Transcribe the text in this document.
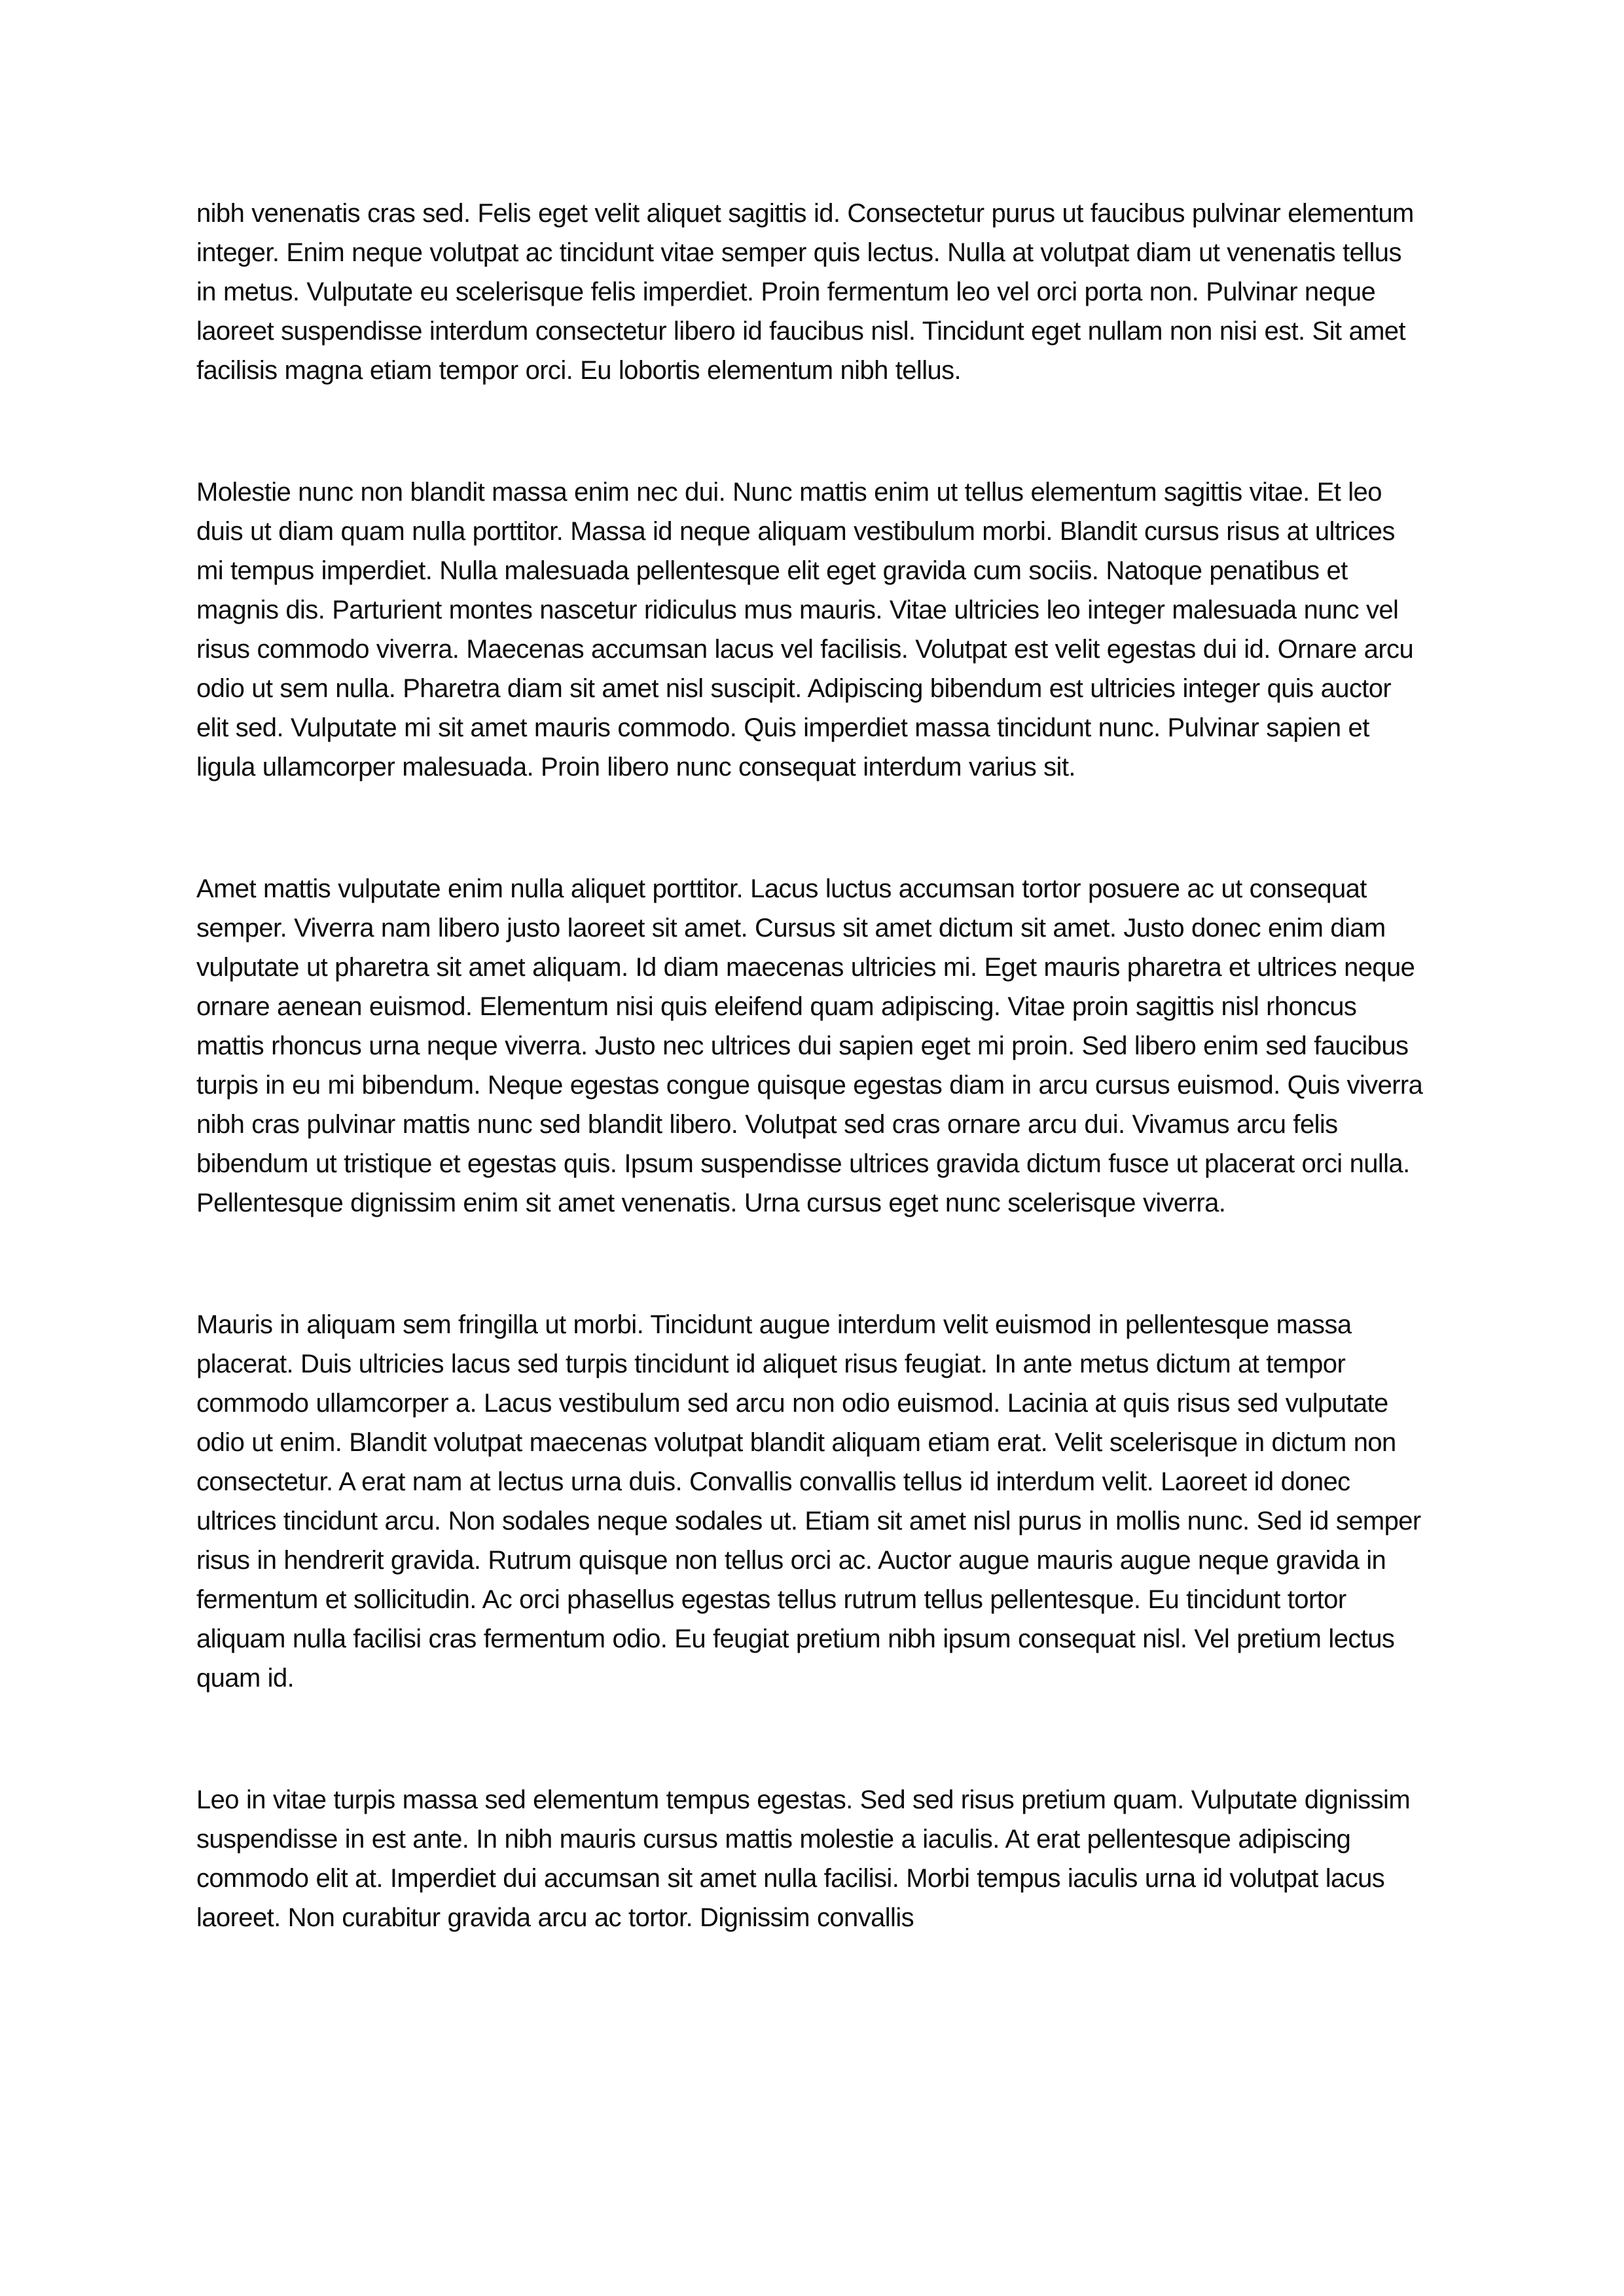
nibh venenatis cras sed. Felis eget velit aliquet sagittis id. Consectetur purus ut faucibus pulvinar elementum integer. Enim neque volutpat ac tincidunt vitae semper quis lectus. Nulla at volutpat diam ut venenatis tellus in metus. Vulputate eu scelerisque felis imperdiet. Proin fermentum leo vel orci porta non. Pulvinar neque laoreet suspendisse interdum consectetur libero id faucibus nisl. Tincidunt eget nullam non nisi est. Sit amet facilisis magna etiam tempor orci. Eu lobortis elementum nibh tellus.

Molestie nunc non blandit massa enim nec dui. Nunc mattis enim ut tellus elementum sagittis vitae. Et leo duis ut diam quam nulla porttitor. Massa id neque aliquam vestibulum morbi. Blandit cursus risus at ultrices mi tempus imperdiet. Nulla malesuada pellentesque elit eget gravida cum sociis. Natoque penatibus et magnis dis. Parturient montes nascetur ridiculus mus mauris. Vitae ultricies leo integer malesuada nunc vel risus commodo viverra. Maecenas accumsan lacus vel facilisis. Volutpat est velit egestas dui id. Ornare arcu odio ut sem nulla. Pharetra diam sit amet nisl suscipit. Adipiscing bibendum est ultricies integer quis auctor elit sed. Vulputate mi sit amet mauris commodo. Quis imperdiet massa tincidunt nunc. Pulvinar sapien et ligula ullamcorper malesuada. Proin libero nunc consequat interdum varius sit.

Amet mattis vulputate enim nulla aliquet porttitor. Lacus luctus accumsan tortor posuere ac ut consequat semper. Viverra nam libero justo laoreet sit amet. Cursus sit amet dictum sit amet. Justo donec enim diam vulputate ut pharetra sit amet aliquam. Id diam maecenas ultricies mi. Eget mauris pharetra et ultrices neque ornare aenean euismod. Elementum nisi quis eleifend quam adipiscing. Vitae proin sagittis nisl rhoncus mattis rhoncus urna neque viverra. Justo nec ultrices dui sapien eget mi proin. Sed libero enim sed faucibus turpis in eu mi bibendum. Neque egestas congue quisque egestas diam in arcu cursus euismod. Quis viverra nibh cras pulvinar mattis nunc sed blandit libero. Volutpat sed cras ornare arcu dui. Vivamus arcu felis bibendum ut tristique et egestas quis. Ipsum suspendisse ultrices gravida dictum fusce ut placerat orci nulla. Pellentesque dignissim enim sit amet venenatis. Urna cursus eget nunc scelerisque viverra.

Mauris in aliquam sem fringilla ut morbi. Tincidunt augue interdum velit euismod in pellentesque massa placerat. Duis ultricies lacus sed turpis tincidunt id aliquet risus feugiat. In ante metus dictum at tempor commodo ullamcorper a. Lacus vestibulum sed arcu non odio euismod. Lacinia at quis risus sed vulputate odio ut enim. Blandit volutpat maecenas volutpat blandit aliquam etiam erat. Velit scelerisque in dictum non consectetur. A erat nam at lectus urna duis. Convallis convallis tellus id interdum velit. Laoreet id donec ultrices tincidunt arcu. Non sodales neque sodales ut. Etiam sit amet nisl purus in mollis nunc. Sed id semper risus in hendrerit gravida. Rutrum quisque non tellus orci ac. Auctor augue mauris augue neque gravida in fermentum et sollicitudin. Ac orci phasellus egestas tellus rutrum tellus pellentesque. Eu tincidunt tortor aliquam nulla facilisi cras fermentum odio. Eu feugiat pretium nibh ipsum consequat nisl. Vel pretium lectus quam id.

Leo in vitae turpis massa sed elementum tempus egestas. Sed sed risus pretium quam. Vulputate dignissim suspendisse in est ante. In nibh mauris cursus mattis molestie a iaculis. At erat pellentesque adipiscing commodo elit at. Imperdiet dui accumsan sit amet nulla facilisi. Morbi tempus iaculis urna id volutpat lacus laoreet. Non curabitur gravida arcu ac tortor. Dignissim convallis
